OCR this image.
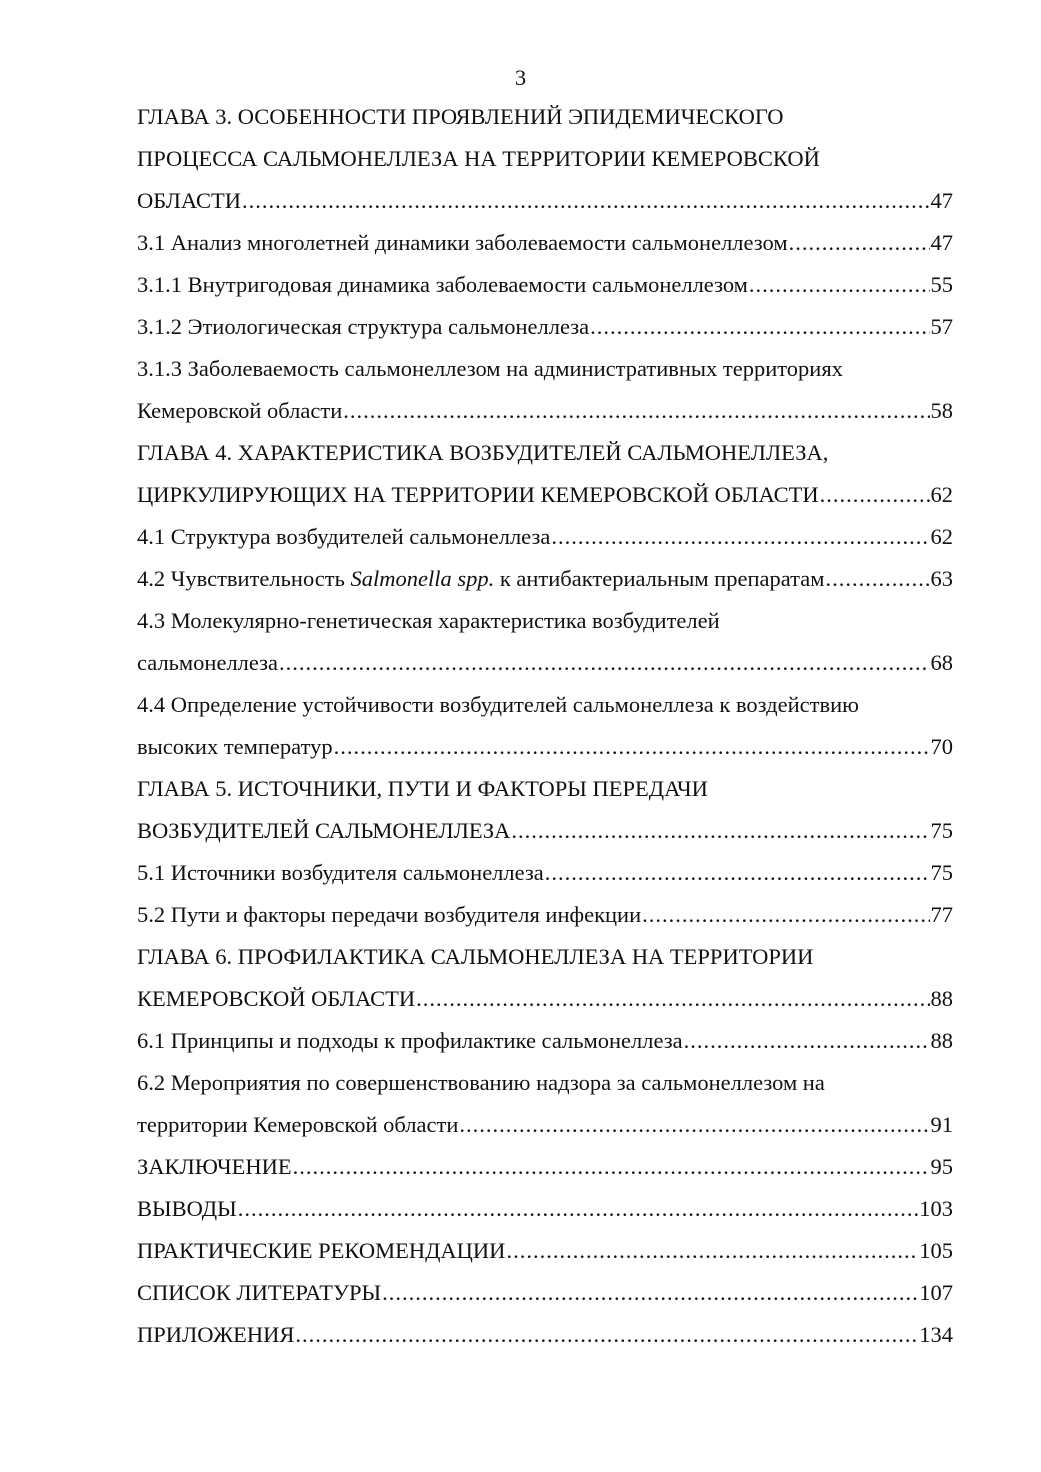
3
ГЛАВА 3. ОСОБЕННОСТИ ПРОЯВЛЕНИЙ ЭПИДЕМИЧЕСКОГО
ПРОЦЕССА САЛЬМОНЕЛЛЕЗА НА ТЕРРИТОРИИ КЕМЕРОВСКОЙ
ОБЛАСТИ .....	47
3.1 Анализ многолетней динамики заболеваемости сальмонеллезом .....	47
3.1.1 Внутригодовая динамика заболеваемости сальмонеллезом .....	55
3.1.2 Этиологическая структура сальмонеллеза .....	57
3.1.3 Заболеваемость сальмонеллезом на административных территориях
Кемеровской области .....	58
ГЛАВА 4. ХАРАКТЕРИСТИКА ВОЗБУДИТЕЛЕЙ САЛЬМОНЕЛЛЕЗА,
ЦИРКУЛИРУЮЩИХ НА ТЕРРИТОРИИ КЕМЕРОВСКОЙ ОБЛАСТИ .....	62
4.1 Структура возбудителей сальмонеллеза .....	62
4.2 Чувствительность Salmonella spp. к антибактериальным препаратам .....	63
4.3 Молекулярно-генетическая характеристика возбудителей
сальмонеллеза .....	68
4.4 Определение устойчивости возбудителей сальмонеллеза к воздействию
высоких температур .....	70
ГЛАВА 5. ИСТОЧНИКИ, ПУТИ И ФАКТОРЫ ПЕРЕДАЧИ
ВОЗБУДИТЕЛЕЙ САЛЬМОНЕЛЛЕЗА .....	75
5.1 Источники возбудителя сальмонеллеза .....	75
5.2 Пути и факторы передачи возбудителя инфекции .....	77
ГЛАВА 6. ПРОФИЛАКТИКА САЛЬМОНЕЛЛЕЗА НА ТЕРРИТОРИИ
КЕМЕРОВСКОЙ ОБЛАСТИ .....	88
6.1 Принципы и подходы к профилактике сальмонеллеза .....	88
6.2 Мероприятия по совершенствованию надзора за сальмонеллезом на
территории Кемеровской области .....	91
ЗАКЛЮЧЕНИЕ .....	95
ВЫВОДЫ .....	103
ПРАКТИЧЕСКИЕ РЕКОМЕНДАЦИИ .....	105
СПИСОК ЛИТЕРАТУРЫ .....	107
ПРИЛОЖЕНИЯ .....	134
